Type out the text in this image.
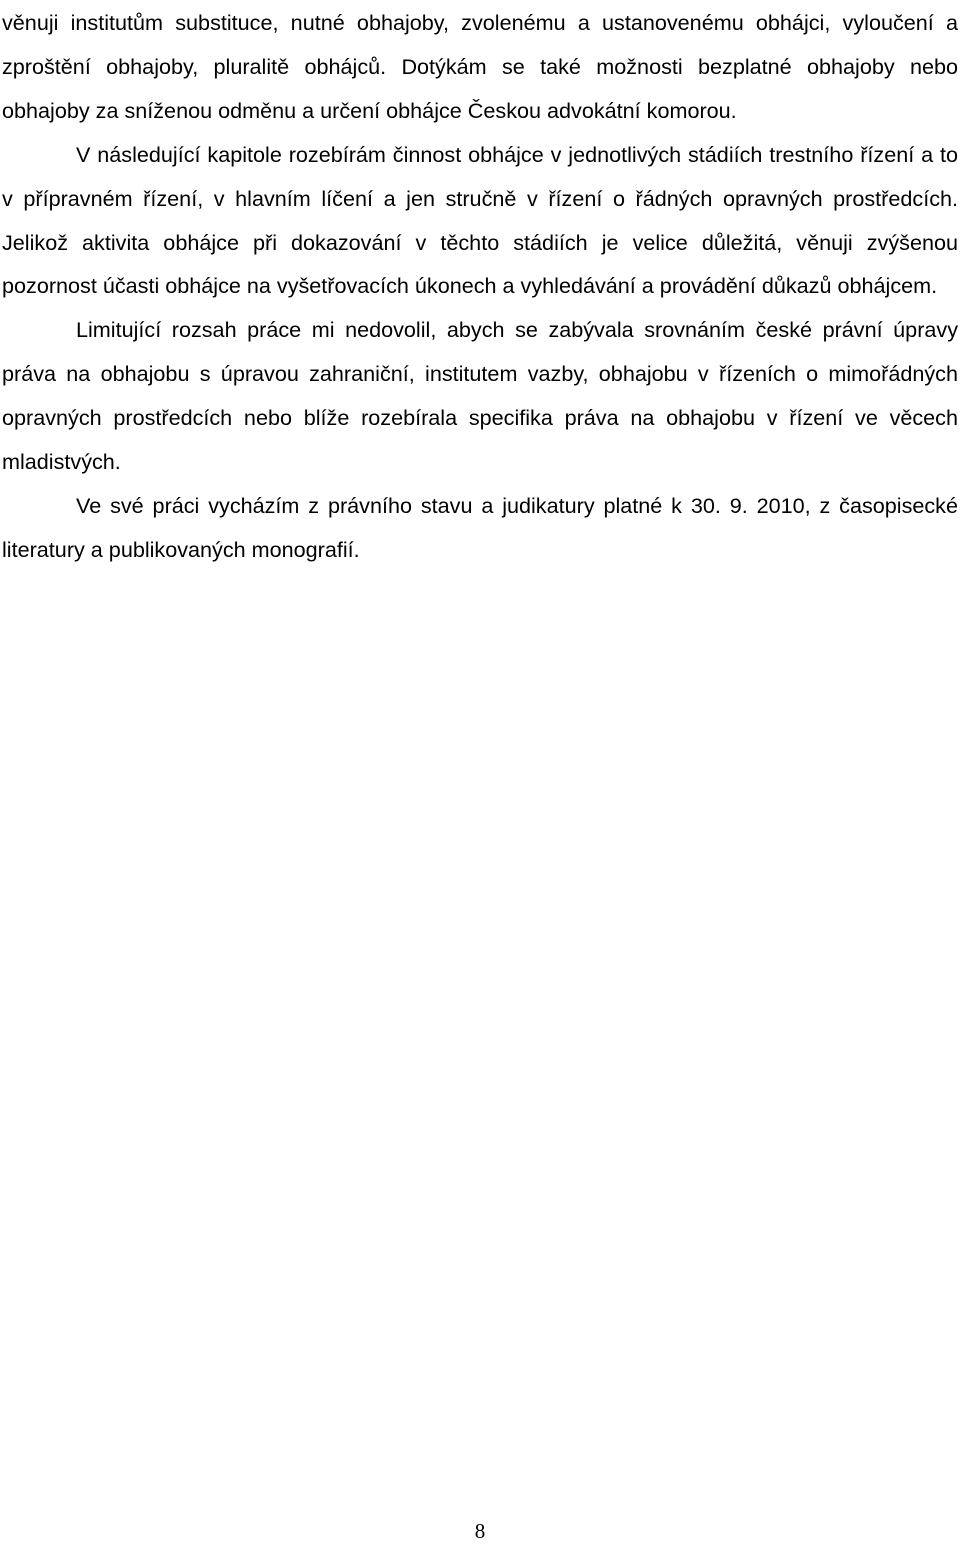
věnuji institutům substituce, nutné obhajoby, zvolenému a ustanovenému obhájci, vyloučení a zproštění obhajoby, pluralitě obhájců. Dotýkám se také možnosti bezplatné obhajoby nebo obhajoby za sníženou odměnu a určení obhájce Českou advokátní komorou.

V následující kapitole rozebírám činnost obhájce v jednotlivých stádiích trestního řízení a to v přípravném řízení, v hlavním líčení a jen stručně v řízení o řádných opravných prostředcích. Jelikož aktivita obhájce při dokazování v těchto stádiích je velice důležitá, věnuji zvýšenou pozornost účasti obhájce na vyšetřovacích úkonech a vyhledávání a provádění důkazů obhájcem.

Limitující rozsah práce mi nedovolil, abych se zabývala srovnáním české právní úpravy práva na obhajobu s úpravou zahraniční, institutem vazby, obhajobu v řízeních o mimořádných opravných prostředcích nebo blíže rozebírala specifika práva na obhajobu v řízení ve věcech mladistvých.

Ve své práci vycházím z právního stavu a judikatury platné k 30. 9. 2010, z časopisecké literatury a publikovaných monografií.

8
